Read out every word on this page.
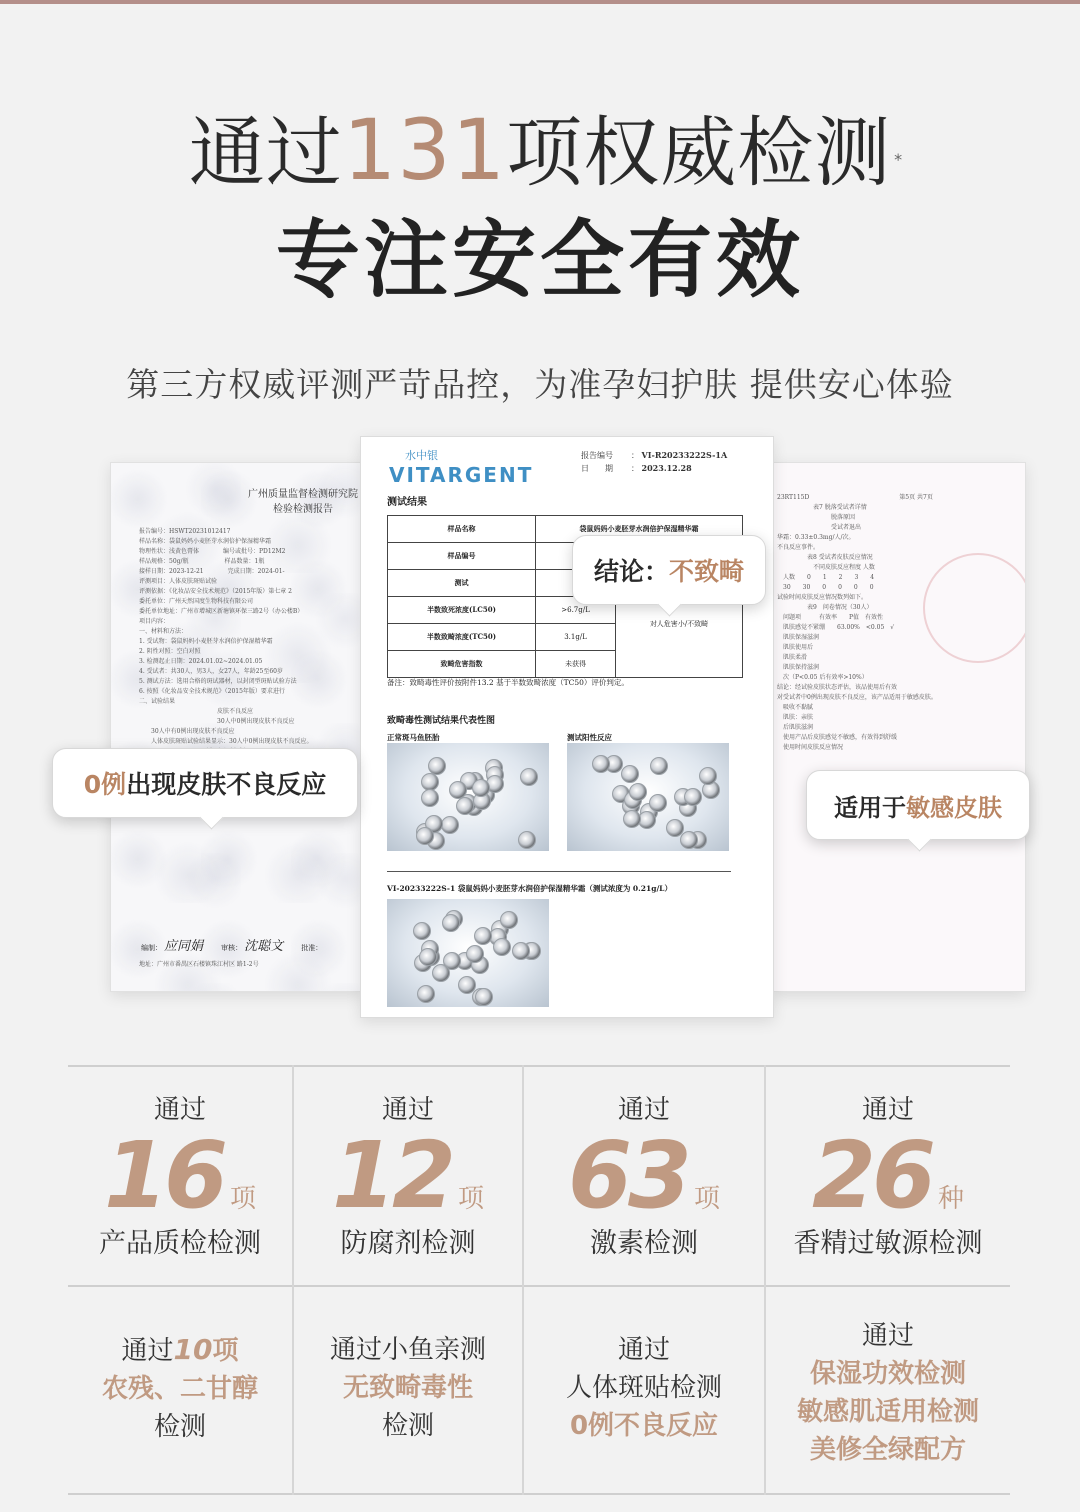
通过131项权威检测 *
专注安全有效
第三方权威评测严苛品控，为准孕妇护肤 提供安心体验
广州质量监督检测研究院
检验检测报告
报告编号：HSWT20231012417
样品名称：袋鼠妈妈小麦胚芽水润倍护保湿精华霜
物理性状：浅黄色膏体　　　　编号或批号：PD12M2
样品规格：50g/瓶　　　　　　样品数量：1瓶
接样日期：2023-12-21　　　　完成日期：2024-01-
评测项目：人体皮肤斑贴试验
评测依据：《化妆品安全技术规范》（2015年版）第七章 2
委托单位：广州天然国度生物科技有限公司
委托单位地址：广州市增城区新塘镇环保三路2号（办公楼B）
项目内容：
一、材料和方法：
1. 受试物：袋鼠妈妈小麦胚芽水润倍护保湿精华霜
2. 阴性对照：空白对照
3. 检测起止日期：2024.01.02~2024.01.05
4. 受试者：共30人，男3人，女27人，年龄25至60岁
5. 测试方法：选用合格的斑试器材，以封闭型斑贴试验方法
6. 按照《化妆品安全技术规范》（2015年版）要求进行
二、试验结果
　　　　　　　　　　　　　皮肤不良反应
　　　　　　　　　　　　　30人中0例出现皮肤不良反应
　　30人中有0例出现皮肤不良反应
　　人体皮肤斑贴试验结果显示：30人中0例出现皮肤不良反应。
编制： 应同娟	审核： 沈聪文	批准：
地址：广州市番禺区石楼镇珠江村区 路1-2号
23RT115D　　　　　　　　　　　　　　　第5页 共7页
　　　　　　表7 脱落受试者详情
　　　　　　　　　脱落原因
　　　　　　　　　受试者退出
华霜：0.33±0.3mg/人/次。
不良反应事件。
　　　　　表8 受试者皮肤反应情况
　　　　　　不同皮肤反应程度 人数
　人数　　0　　1　　2　　3　　4
　30　　30　　0　　0　　0　　0
试验时间皮肤反应情况数列如下。
　　　　　表9　问卷情况（30人）
　问题项　　　有效率　　P值　有效性
　肌肤感觉不紧绷　　63.00%　<0.05　√
　肌肤保湿滋润
　肌肤使用后
　肌肤柔滑
　肌肤保持滋润
　次（P<0.05 后有效率>10%）
结论：经试验皮肤状态评估，该品使用后有效
对受试者中0例出现皮肤不良反应，该产品适用于敏感皮肤。
　吸收不黏腻
　肌肤：亲肤
　后肌肤滋润
　使用产品后皮肤感觉不敏感，有效得到舒缓
　使用时间皮肤反应情况
水中银
VITARGENT
报告编号 ： VI-R20233222S-1A
日　　期 ： 2023.12.28
测试结果
样品名称	袋鼠妈妈小麦胚芽水润倍护保湿精华霜	
样品编号		
测试		对人危害小/不致畸
半数致死浓度(LC50)	>6.7g/L	
半数致畸浓度(TC50)	3.1g/L	
致畸危害指数	未获得	
备注：致畸毒性评价按附件13.2 基于半数致畸浓度（TC50）评价判定。
致畸毒性测试结果代表性图
正常斑马鱼胚胎	测试阳性反应
VI-20233222S-1 袋鼠妈妈小麦胚芽水润倍护保湿精华霜（测试浓度为 0.21g/L）
0例 出现皮肤不良反应
结论： 不致畸
适用于 敏感皮肤
通过
16 项
产品质检检测
通过
12 项
防腐剂检测
通过
63 项
激素检测
通过
26 种
香精过敏源检测
通过10项
农残、二甘醇
检测
通过小鱼亲测
无致畸毒性
检测
通过
人体斑贴检测
0例不良反应
通过
保湿功效检测
敏感肌适用检测
美修全绿配方
